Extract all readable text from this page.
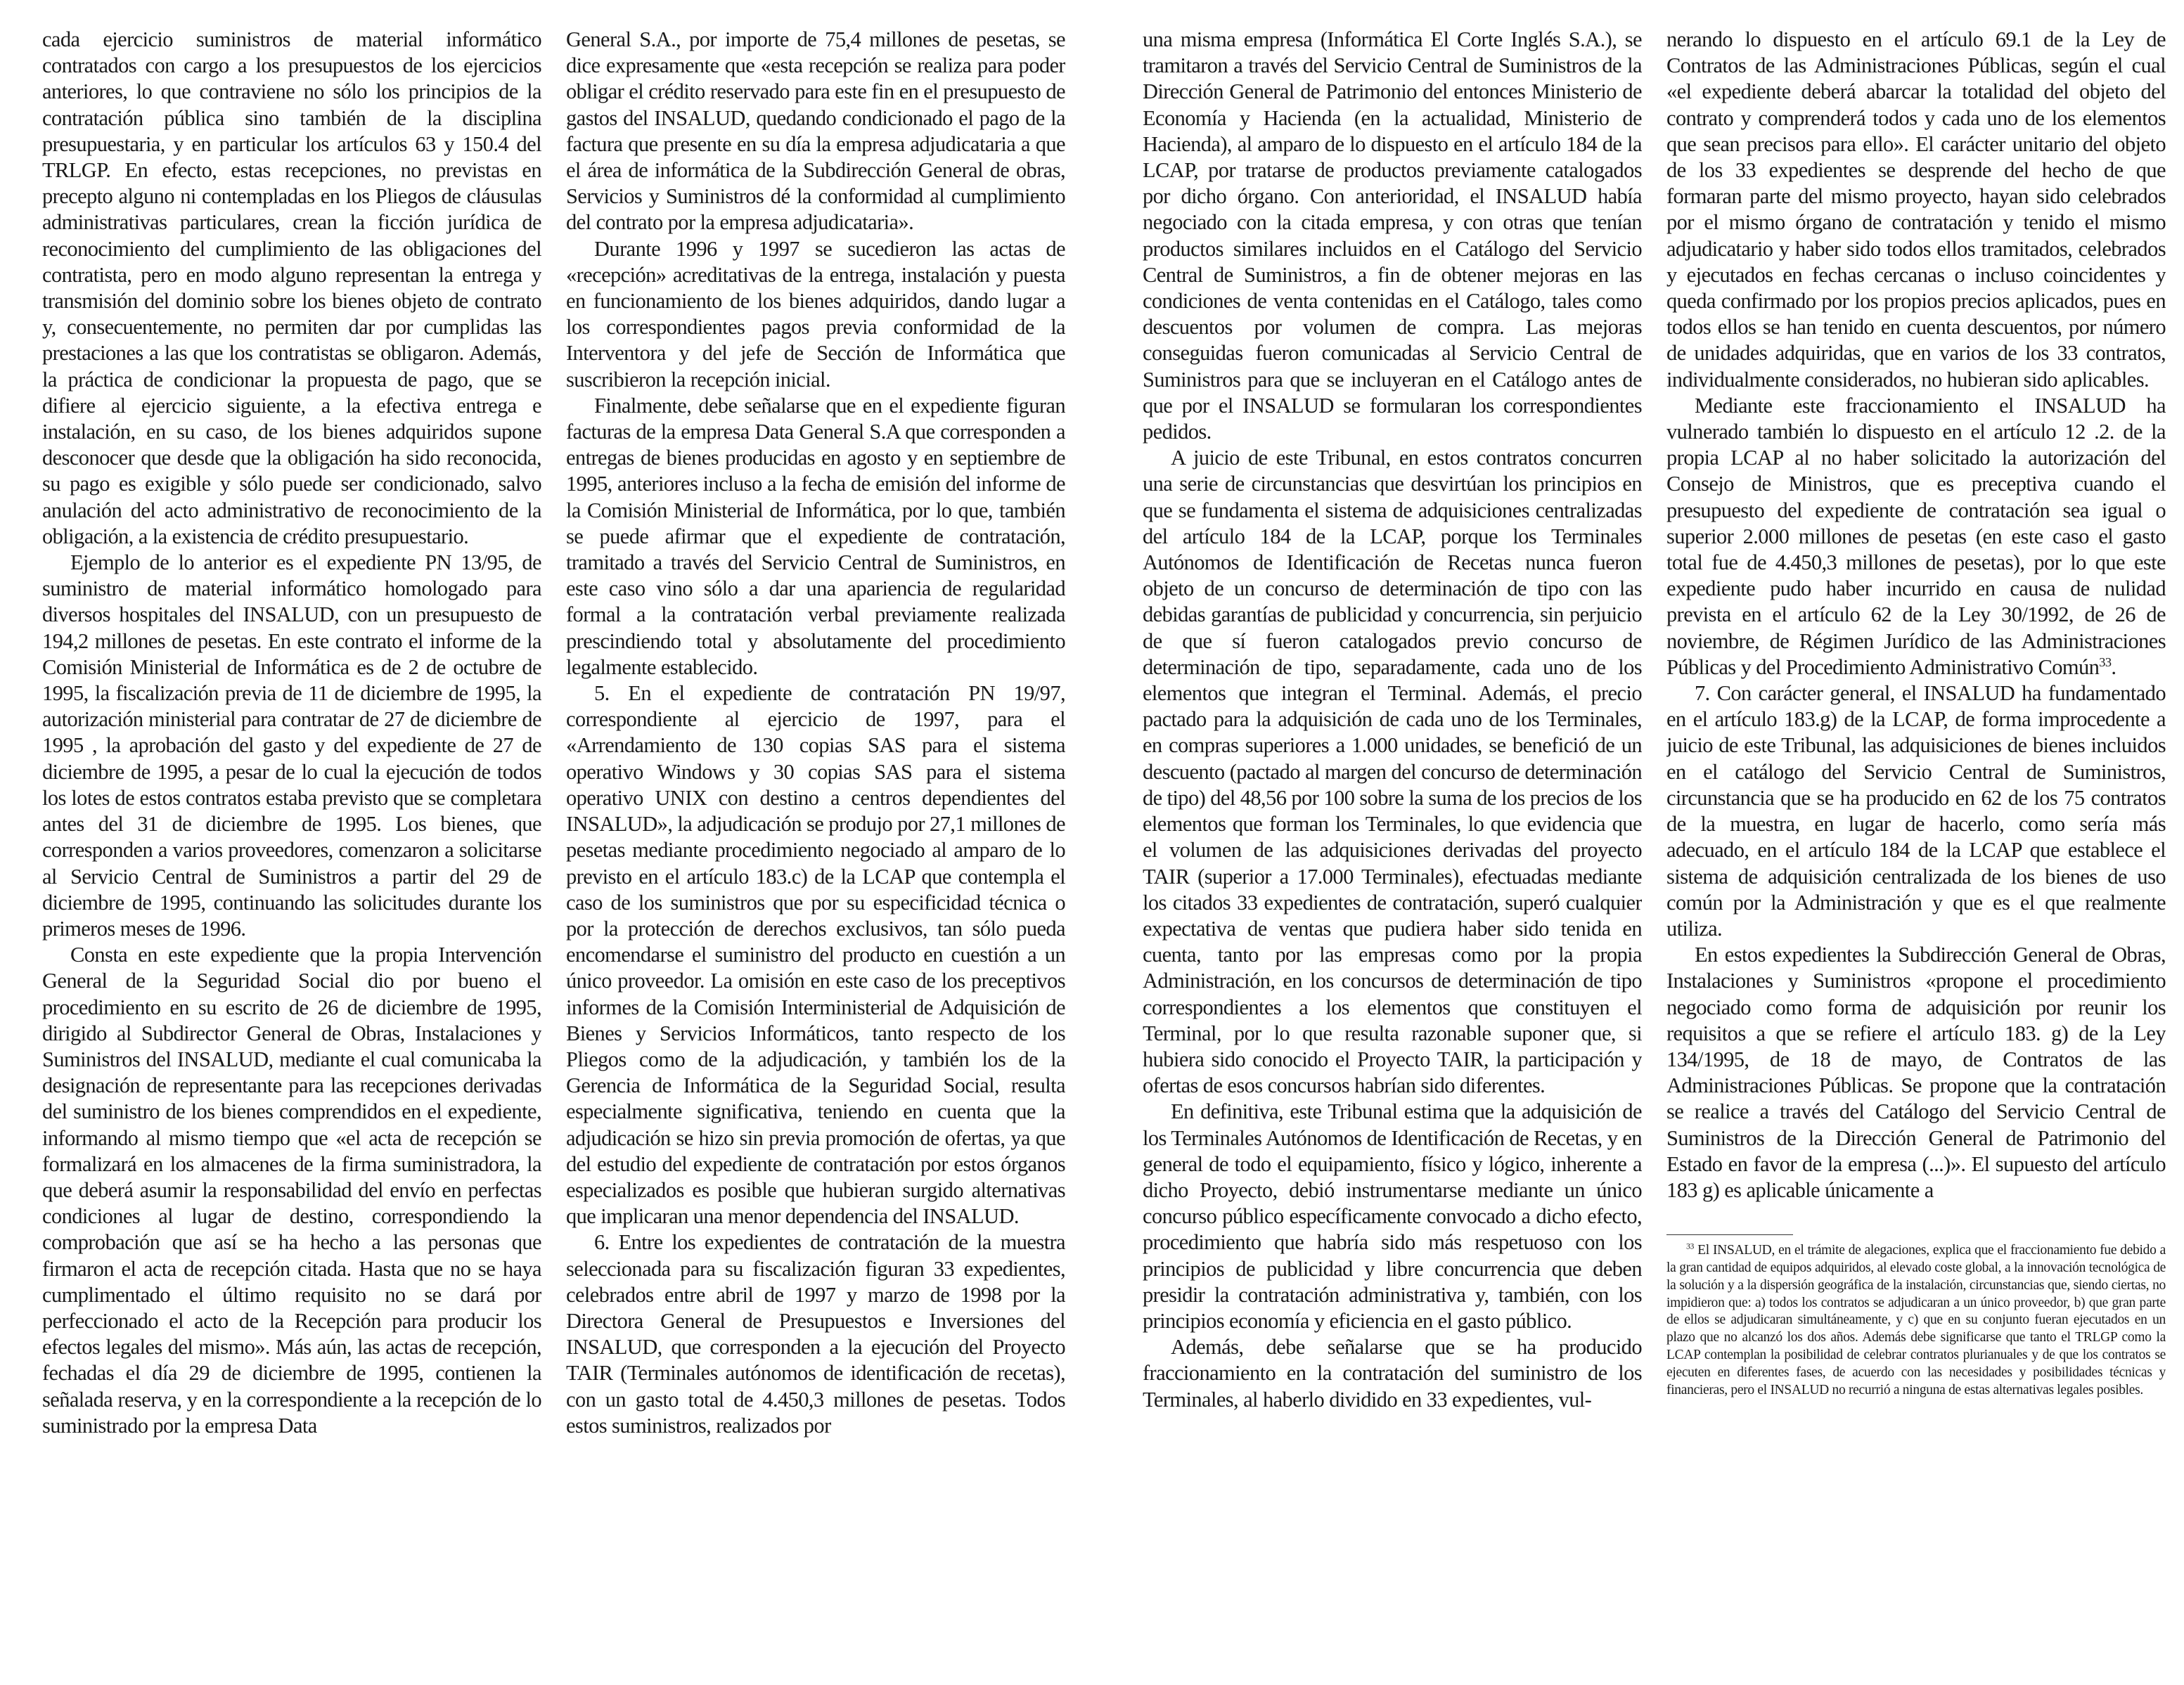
cada ejercicio suministros de material informático contratados con cargo a los presupuestos de los ejercicios anteriores, lo que contraviene no sólo los principios de la contratación pública sino también de la disciplina presupuestaria, y en particular los artículos 63 y 150.4 del TRLGP. En efecto, estas recepciones, no previstas en precepto alguno ni contempladas en los Pliegos de cláusulas administrativas particulares, crean la ficción jurídica de reconocimiento del cumplimiento de las obligaciones del contratista, pero en modo alguno representan la entrega y transmisión del dominio sobre los bienes objeto de contrato y, consecuentemente, no permiten dar por cumplidas las prestaciones a las que los contratistas se obligaron. Además, la práctica de condicionar la propuesta de pago, que se difiere al ejercicio siguiente, a la efectiva entrega e instalación, en su caso, de los bienes adquiridos supone desconocer que desde que la obligación ha sido reconocida, su pago es exigible y sólo puede ser condicionado, salvo anulación del acto administrativo de reconocimiento de la obligación, a la existencia de crédito presupuestario.

Ejemplo de lo anterior es el expediente PN 13/95, de suministro de material informático homologado para diversos hospitales del INSALUD, con un presupuesto de 194,2 millones de pesetas. En este contrato el informe de la Comisión Ministerial de Informática es de 2 de octubre de 1995, la fiscalización previa de 11 de diciembre de 1995, la autorización ministerial para contratar de 27 de diciembre de 1995 , la aprobación del gasto y del expediente de 27 de diciembre de 1995, a pesar de lo cual la ejecución de todos los lotes de estos contratos estaba previsto que se completara antes del 31 de diciembre de 1995. Los bienes, que corresponden a varios proveedores, comenzaron a solicitarse al Servicio Central de Suministros a partir del 29 de diciembre de 1995, continuando las solicitudes durante los primeros meses de 1996.

Consta en este expediente que la propia Intervención General de la Seguridad Social dio por bueno el procedimiento en su escrito de 26 de diciembre de 1995, dirigido al Subdirector General de Obras, Instalaciones y Suministros del INSALUD, mediante el cual comunicaba la designación de representante para las recepciones derivadas del suministro de los bienes comprendidos en el expediente, informando al mismo tiempo que «el acta de recepción se formalizará en los almacenes de la firma suministradora, la que deberá asumir la responsabilidad del envío en perfectas condiciones al lugar de destino, correspondiendo la comprobación que así se ha hecho a las personas que firmaron el acta de recepción citada. Hasta que no se haya cumplimentado el último requisito no se dará por perfeccionado el acto de la Recepción para producir los efectos legales del mismo». Más aún, las actas de recepción, fechadas el día 29 de diciembre de 1995, contienen la señalada reserva, y en la correspondiente a la recepción de lo suministrado por la empresa Data

General S.A., por importe de 75,4 millones de pesetas, se dice expresamente que «esta recepción se realiza para poder obligar el crédito reservado para este fin en el presupuesto de gastos del INSALUD, quedando condicionado el pago de la factura que presente en su día la empresa adjudicataria a que el área de informática de la Subdirección General de obras, Servicios y Suministros dé la conformidad al cumplimiento del contrato por la empresa adjudicataria».

Durante 1996 y 1997 se sucedieron las actas de «recepción» acreditativas de la entrega, instalación y puesta en funcionamiento de los bienes adquiridos, dando lugar a los correspondientes pagos previa conformidad de la Interventora y del jefe de Sección de Informática que suscribieron la recepción inicial.

Finalmente, debe señalarse que en el expediente figuran facturas de la empresa Data General S.A que corresponden a entregas de bienes producidas en agosto y en septiembre de 1995, anteriores incluso a la fecha de emisión del informe de la Comisión Ministerial de Informática, por lo que, también se puede afirmar que el expediente de contratación, tramitado a través del Servicio Central de Suministros, en este caso vino sólo a dar una apariencia de regularidad formal a la contratación verbal previamente realizada prescindiendo total y absolutamente del procedimiento legalmente establecido.

5. En el expediente de contratación PN 19/97, correspondiente al ejercicio de 1997, para el «Arrendamiento de 130 copias SAS para el sistema operativo Windows y 30 copias SAS para el sistema operativo UNIX con destino a centros dependientes del INSALUD», la adjudicación se produjo por 27,1 millones de pesetas mediante procedimiento negociado al amparo de lo previsto en el artículo 183.c) de la LCAP que contempla el caso de los suministros que por su especificidad técnica o por la protección de derechos exclusivos, tan sólo pueda encomendarse el suministro del producto en cuestión a un único proveedor. La omisión en este caso de los preceptivos informes de la Comisión Interministerial de Adquisición de Bienes y Servicios Informáticos, tanto respecto de los Pliegos como de la adjudicación, y también los de la Gerencia de Informática de la Seguridad Social, resulta especialmente significativa, teniendo en cuenta que la adjudicación se hizo sin previa promoción de ofertas, ya que del estudio del expediente de contratación por estos órganos especializados es posible que hubieran surgido alternativas que implicaran una menor dependencia del INSALUD.

6. Entre los expedientes de contratación de la muestra seleccionada para su fiscalización figuran 33 expedientes, celebrados entre abril de 1997 y marzo de 1998 por la Directora General de Presupuestos e Inversiones del INSALUD, que corresponden a la ejecución del Proyecto TAIR (Terminales autónomos de identificación de recetas), con un gasto total de 4.450,3 millones de pesetas. Todos estos suministros, realizados por

una misma empresa (Informática El Corte Inglés S.A.), se tramitaron a través del Servicio Central de Suministros de la Dirección General de Patrimonio del entonces Ministerio de Economía y Hacienda (en la actualidad, Ministerio de Hacienda), al amparo de lo dispuesto en el artículo 184 de la LCAP, por tratarse de productos previamente catalogados por dicho órgano. Con anterioridad, el INSALUD había negociado con la citada empresa, y con otras que tenían productos similares incluidos en el Catálogo del Servicio Central de Suministros, a fin de obtener mejoras en las condiciones de venta contenidas en el Catálogo, tales como descuentos por volumen de compra. Las mejoras conseguidas fueron comunicadas al Servicio Central de Suministros para que se incluyeran en el Catálogo antes de que por el INSALUD se formularan los correspondientes pedidos.

A juicio de este Tribunal, en estos contratos concurren una serie de circunstancias que desvirtúan los principios en que se fundamenta el sistema de adquisiciones centralizadas del artículo 184 de la LCAP, porque los Terminales Autónomos de Identificación de Recetas nunca fueron objeto de un concurso de determinación de tipo con las debidas garantías de publicidad y concurrencia, sin perjuicio de que sí fueron catalogados previo concurso de determinación de tipo, separadamente, cada uno de los elementos que integran el Terminal. Además, el precio pactado para la adquisición de cada uno de los Terminales, en compras superiores a 1.000 unidades, se benefició de un descuento (pactado al margen del concurso de determinación de tipo) del 48,56 por 100 sobre la suma de los precios de los elementos que forman los Terminales, lo que evidencia que el volumen de las adquisiciones derivadas del proyecto TAIR (superior a 17.000 Terminales), efectuadas mediante los citados 33 expedientes de contratación, superó cualquier expectativa de ventas que pudiera haber sido tenida en cuenta, tanto por las empresas como por la propia Administración, en los concursos de determinación de tipo correspondientes a los elementos que constituyen el Terminal, por lo que resulta razonable suponer que, si hubiera sido conocido el Proyecto TAIR, la participación y ofertas de esos concursos habrían sido diferentes.

En definitiva, este Tribunal estima que la adquisición de los Terminales Autónomos de Identificación de Recetas, y en general de todo el equipamiento, físico y lógico, inherente a dicho Proyecto, debió instrumentarse mediante un único concurso público específicamente convocado a dicho efecto, procedimiento que habría sido más respetuoso con los principios de publicidad y libre concurrencia que deben presidir la contratación administrativa y, también, con los principios economía y eficiencia en el gasto público.

Además, debe señalarse que se ha producido fraccionamiento en la contratación del suministro de los Terminales, al haberlo dividido en 33 expedientes, vul-

nerando lo dispuesto en el artículo 69.1 de la Ley de Contratos de las Administraciones Públicas, según el cual «el expediente deberá abarcar la totalidad del objeto del contrato y comprenderá todos y cada uno de los elementos que sean precisos para ello». El carácter unitario del objeto de los 33 expedientes se desprende del hecho de que formaran parte del mismo proyecto, hayan sido celebrados por el mismo órgano de contratación y tenido el mismo adjudicatario y haber sido todos ellos tramitados, celebrados y ejecutados en fechas cercanas o incluso coincidentes y queda confirmado por los propios precios aplicados, pues en todos ellos se han tenido en cuenta descuentos, por número de unidades adquiridas, que en varios de los 33 contratos, individualmente considerados, no hubieran sido aplicables.

Mediante este fraccionamiento el INSALUD ha vulnerado también lo dispuesto en el artículo 12 .2. de la propia LCAP al no haber solicitado la autorización del Consejo de Ministros, que es preceptiva cuando el presupuesto del expediente de contratación sea igual o superior 2.000 millones de pesetas (en este caso el gasto total fue de 4.450,3 millones de pesetas), por lo que este expediente pudo haber incurrido en causa de nulidad prevista en el artículo 62 de la Ley 30/1992, de 26 de noviembre, de Régimen Jurídico de las Administraciones Públicas y del Procedimiento Administrativo Común$^{33}$.

7. Con carácter general, el INSALUD ha fundamentado en el artículo 183.g) de la LCAP, de forma improcedente a juicio de este Tribunal, las adquisiciones de bienes incluidos en el catálogo del Servicio Central de Suministros, circunstancia que se ha producido en 62 de los 75 contratos de la muestra, en lugar de hacerlo, como sería más adecuado, en el artículo 184 de la LCAP que establece el sistema de adquisición centralizada de los bienes de uso común por la Administración y que es el que realmente utiliza.

En estos expedientes la Subdirección General de Obras, Instalaciones y Suministros «propone el procedimiento negociado como forma de adquisición por reunir los requisitos a que se refiere el artículo 183. g) de la Ley 134/1995, de 18 de mayo, de Contratos de las Administraciones Públicas. Se propone que la contratación se realice a través del Catálogo del Servicio Central de Suministros de la Dirección General de Patrimonio del Estado en favor de la empresa (...)». El supuesto del artículo 183 g) es aplicable únicamente a

$^{33}$ El INSALUD, en el trámite de alegaciones, explica que el fraccionamiento fue debido a la gran cantidad de equipos adquiridos, al elevado coste global, a la innovación tecnológica de la solución y a la dispersión geográfica de la instalación, circunstancias que, siendo ciertas, no impidieron que: a) todos los contratos se adjudicaran a un único proveedor, b) que gran parte de ellos se adjudicaran simultáneamente, y c) que en su conjunto fueran ejecutados en un plazo que no alcanzó los dos años. Además debe significarse que tanto el TRLGP como la LCAP contemplan la posibilidad de celebrar contratos plurianuales y de que los contratos se ejecuten en diferentes fases, de acuerdo con las necesidades y posibilidades técnicas y financieras, pero el INSALUD no recurrió a ninguna de estas alternativas legales posibles.
